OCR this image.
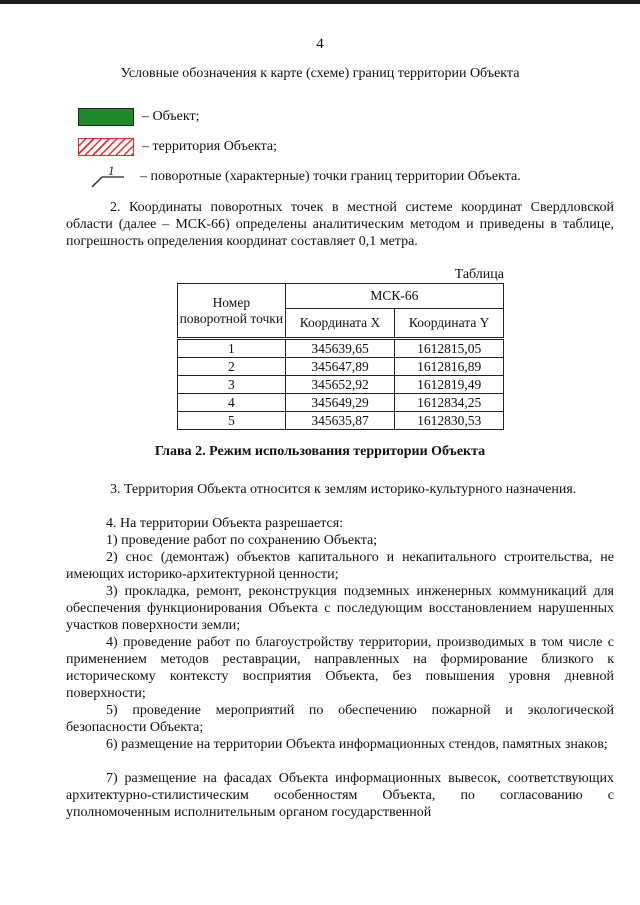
4
Условные обозначения к карте (схеме) границ территории Объекта
– Объект;
– территория Объекта;
1 – поворотные (характерные) точки границ территории Объекта.
2. Координаты поворотных точек в местной системе координат Свердловской области (далее – МСК-66) определены аналитическим методом и приведены в таблице, погрешность определения координат составляет 0,1 метра.
Таблица
Номер поворотной точки	МСК-66	
	Координата X	Координата Y
1	345639,65	1612815,05
2	345647,89	1612816,89
3	345652,92	1612819,49
4	345649,29	1612834,25
5	345635,87	1612830,53
Глава 2. Режим использования территории Объекта
3. Территория Объекта относится к землям историко-культурного назначения.
4. На территории Объекта разрешается:
1) проведение работ по сохранению Объекта;
2) снос (демонтаж) объектов капитального и некапитального строительства, не имеющих историко-архитектурной ценности;
3) прокладка, ремонт, реконструкция подземных инженерных коммуникаций для обеспечения функционирования Объекта с последующим восстановлением нарушенных участков поверхности земли;
4) проведение работ по благоустройству территории, производимых в том числе с применением методов реставрации, направленных на формирование близкого к историческому контексту восприятия Объекта, без повышения уровня дневной поверхности;
5) проведение мероприятий по обеспечению пожарной и экологической безопасности Объекта;
6) размещение на территории Объекта информационных стендов, памятных знаков;
7) размещение на фасадах Объекта информационных вывесок, соответствующих архитектурно-стилистическим особенностям Объекта, по согласованию с уполномоченным исполнительным органом государственной
